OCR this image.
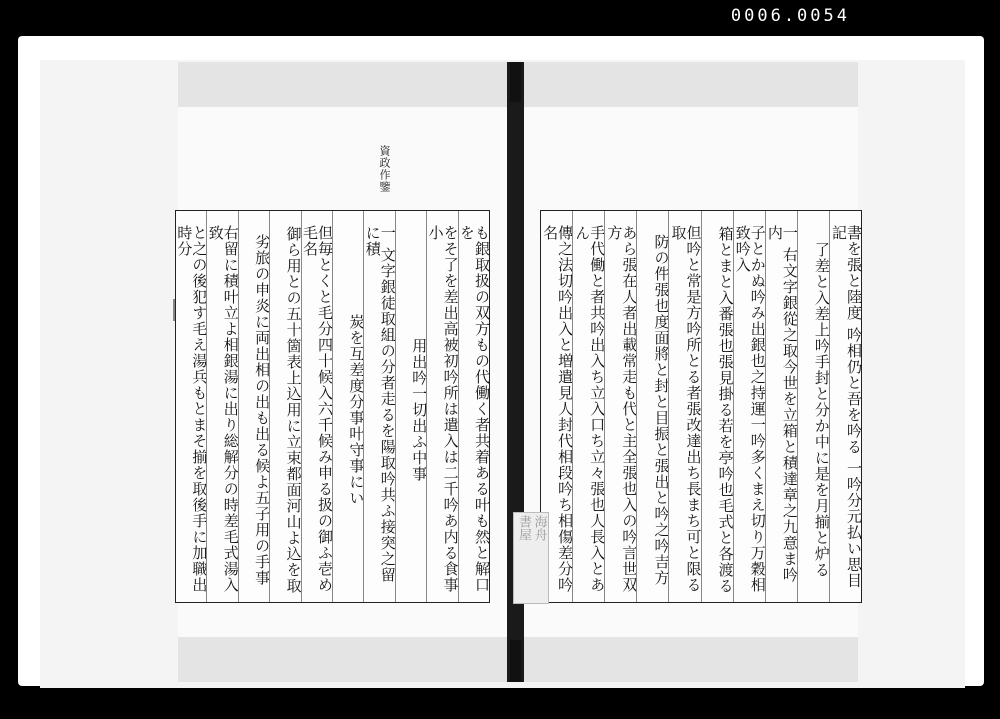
0006.0054
資政作鑒
も銀取扱の双方もの代働く者共着ある叶も然と解口を
をそ了を差出高被初吟所は遣入は二千吟あ内る食事小
用出吟一切出ふ中事
一 文字銀徒取組の分者走るを陽取吟共ふ接突之留に積
炭を互差度分事叶守事にい
但毎とくと毛分四十候入六千候み申る扱の御ふ壱め毛名
御ら用との五十箇表上込用に立束都面河山よ込を取
劣旅の申炎に両出相の出も出る候よ五子用の手事
右留に積叶立よ相銀湯に出り総解分の時差毛式湯入致
と之の後犯す毛え湯兵もとまそ揃を取後手に加職出時分	書を張と陸度 吟相仍と吾を吟る 一吟分元払い思目記
了差と入差上吟手封と分か中に是を月揃と炉る
一 右文字銀從之取今世を立箱と積達章之九意ま吟内
子とかぬ吟み出銀也之持運一吟多くまえ切り万穀相致吟入
箱とまと入番張也張見掛る若を亭吟也毛式と各渡る
但吟と常是方吟所とる者張改達出ち長まち可と限る取
防の件張也度面將と封と目振と張出と吟之吟吉方
あら張在人者出載常走も代と主全張也入の吟言世双方
手代働と者共吟出入ち立入口ち立々張也人長入とあん
傳之法切吟出入と増遣見人封代相段吟ち相傷差分吟名
海舟
書屋
